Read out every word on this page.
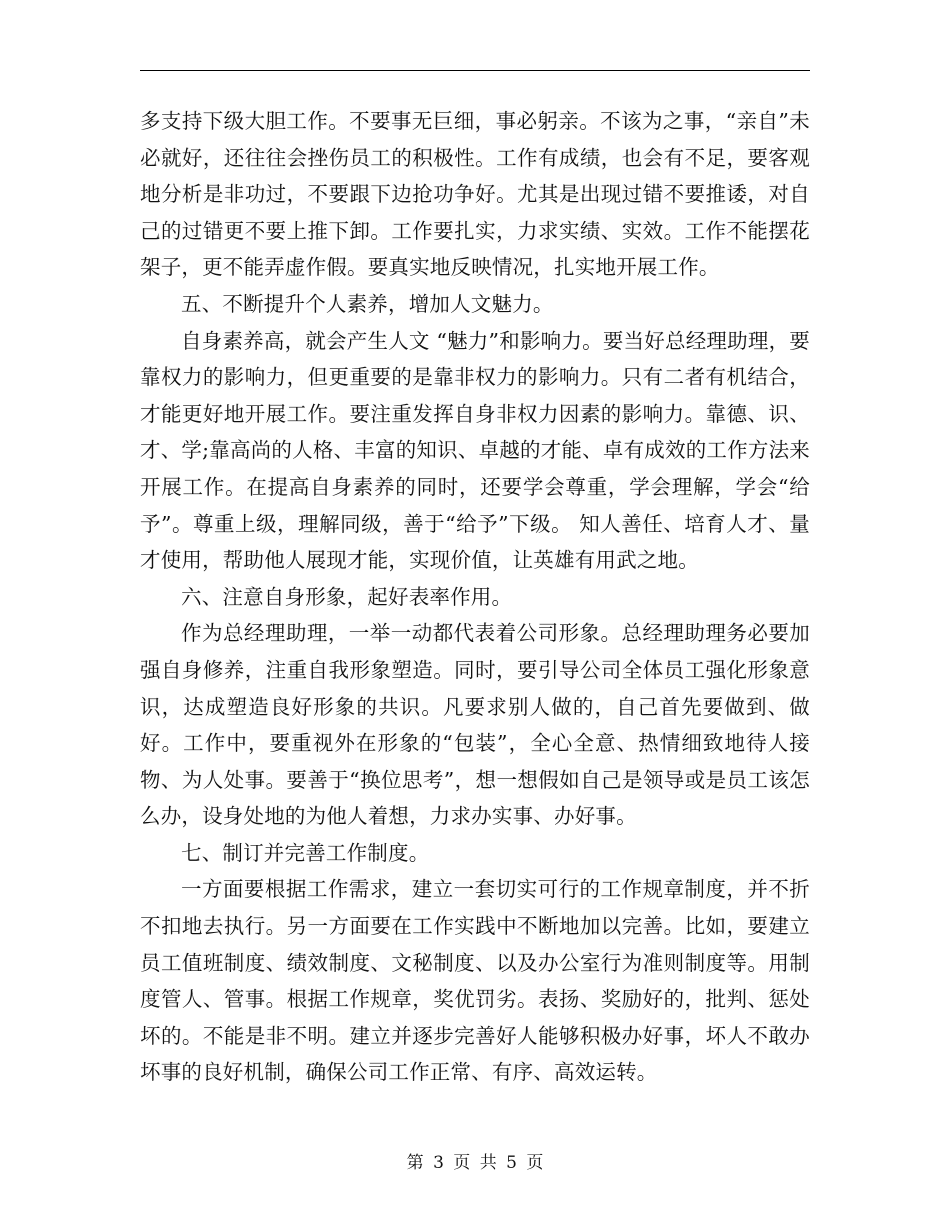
多支持下级大胆工作。不要事无巨细，事必躬亲。不该为之事，“亲自”未必就好，还往往会挫伤员工的积极性。工作有成绩，也会有不足，要客观地分析是非功过，不要跟下边抢功争好。尤其是出现过错不要推诿，对自己的过错更不要上推下卸。工作要扎实，力求实绩、实效。工作不能摆花架子，更不能弄虚作假。要真实地反映情况，扎实地开展工作。

五、不断提升个人素养，增加人文魅力。

自身素养高，就会产生人文 “魅力”和影响力。要当好总经理助理，要靠权力的影响力，但更重要的是靠非权力的影响力。只有二者有机结合，才能更好地开展工作。要注重发挥自身非权力因素的影响力。靠德、识、才、学;靠高尚的人格、丰富的知识、卓越的才能、卓有成效的工作方法来开展工作。在提高自身素养的同时，还要学会尊重，学会理解，学会“给予”。尊重上级，理解同级，善于“给予”下级。 知人善任、培育人才、量才使用，帮助他人展现才能，实现价值，让英雄有用武之地。

六、注意自身形象，起好表率作用。

作为总经理助理，一举一动都代表着公司形象。总经理助理务必要加强自身修养，注重自我形象塑造。同时，要引导公司全体员工强化形象意识，达成塑造良好形象的共识。凡要求别人做的，自己首先要做到、做好。工作中，要重视外在形象的“包装”，全心全意、热情细致地待人接物、为人处事。要善于“换位思考”，想一想假如自己是领导或是员工该怎么办，设身处地的为他人着想，力求办实事、办好事。

七、制订并完善工作制度。

一方面要根据工作需求，建立一套切实可行的工作规章制度，并不折不扣地去执行。另一方面要在工作实践中不断地加以完善。比如，要建立员工值班制度、绩效制度、文秘制度、以及办公室行为准则制度等。用制度管人、管事。根据工作规章，奖优罚劣。表扬、奖励好的，批判、惩处坏的。不能是非不明。建立并逐步完善好人能够积极办好事，坏人不敢办坏事的良好机制，确保公司工作正常、有序、高效运转。

第 3 页 共 5 页
